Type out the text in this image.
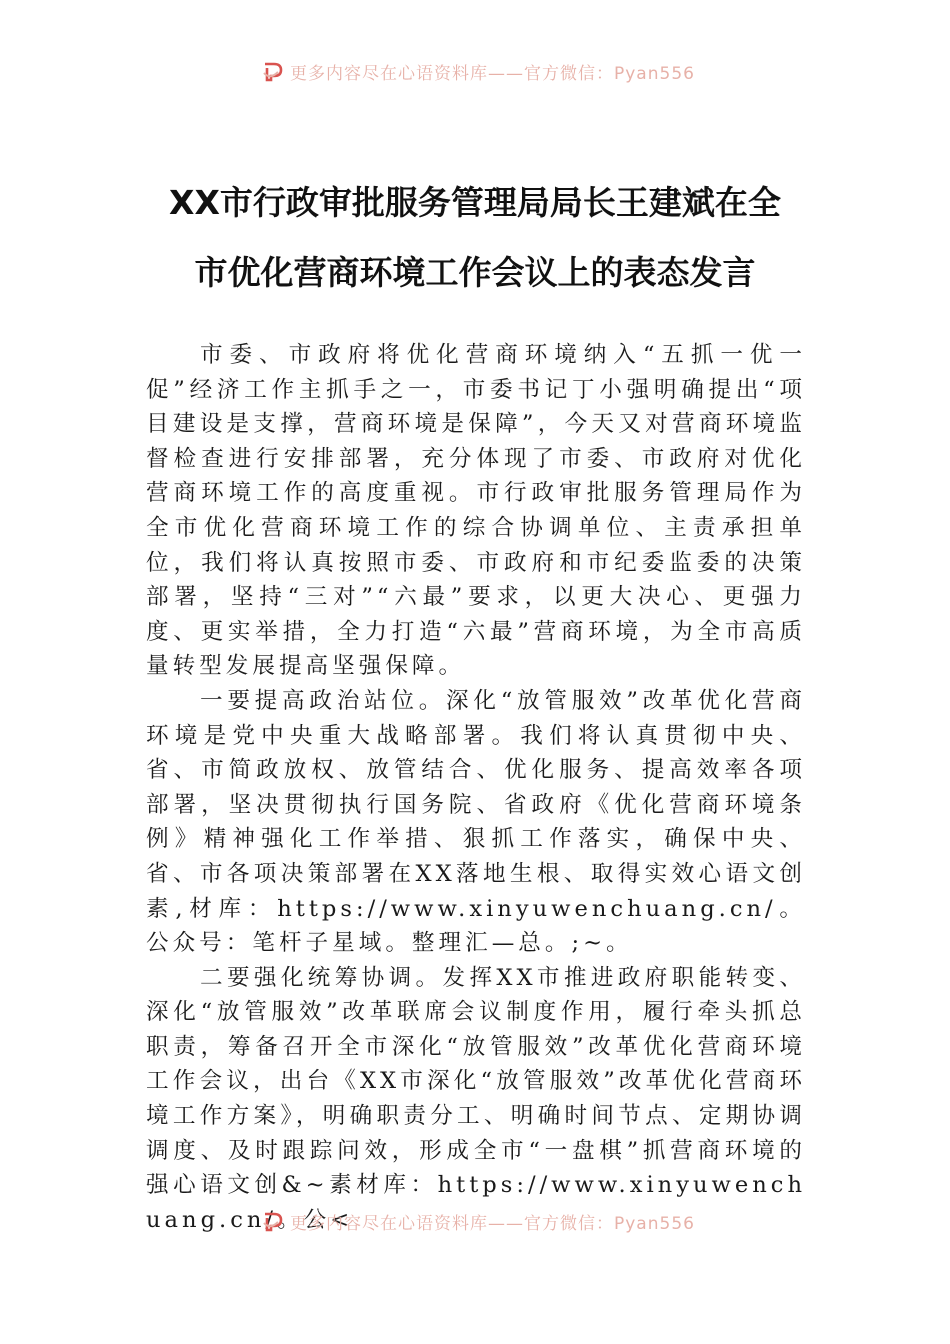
更多内容尽在心语资料库——官方微信：Pyan556
XX市行政审批服务管理局局长王建斌在全
市优化营商环境工作会议上的表态发言

市委、市政府将优化营商环境纳入“五抓一优一促”经济工作主抓手之一，市委书记丁小强明确提出“项目建设是支撑，营商环境是保障”，今天又对营商环境监督检查进行安排部署，充分体现了市委、市政府对优化营商环境工作的高度重视。市行政审批服务管理局作为全市优化营商环境工作的综合协调单位、主责承担单位，我们将认真按照市委、市政府和市纪委监委的决策部署，坚持“三对”“六最”要求，以更大决心、更强力度、更实举措，全力打造“六最”营商环境，为全市高质量转型发展提高坚强保障。

一要提高政治站位。深化“放管服效”改革优化营商环境是党中央重大战略部署。我们将认真贯彻中央、省、市简政放权、放管结合、优化服务、提高效率各项部署，坚决贯彻执行国务院、省政府《优化营商环境条例》精神强化工作举措、狠抓工作落实，确保中央、省、市各项决策部署在XX落地生根、取得实效心语文创素,材库：https://www.xinyuwenchuang.cn/。公众号：笔杆子星域。整理汇—总。;~。

二要强化统筹协调。发挥XX市推进政府职能转变、深化“放管服效”改革联席会议制度作用，履行牵头抓总职责，筹备召开全市深化“放管服效”改革优化营商环境工作会议，出台《XX市深化“放管服效”改革优化营商环境工作方案》，明确职责分工、明确时间节点、定期协调调度、及时跟踪问效，形成全市“一盘棋”抓营商环境的强心语文创&~素材库：https://www.xinyuwenchuang.cn/。公<

更多内容尽在心语资料库——官方微信：Pyan556
